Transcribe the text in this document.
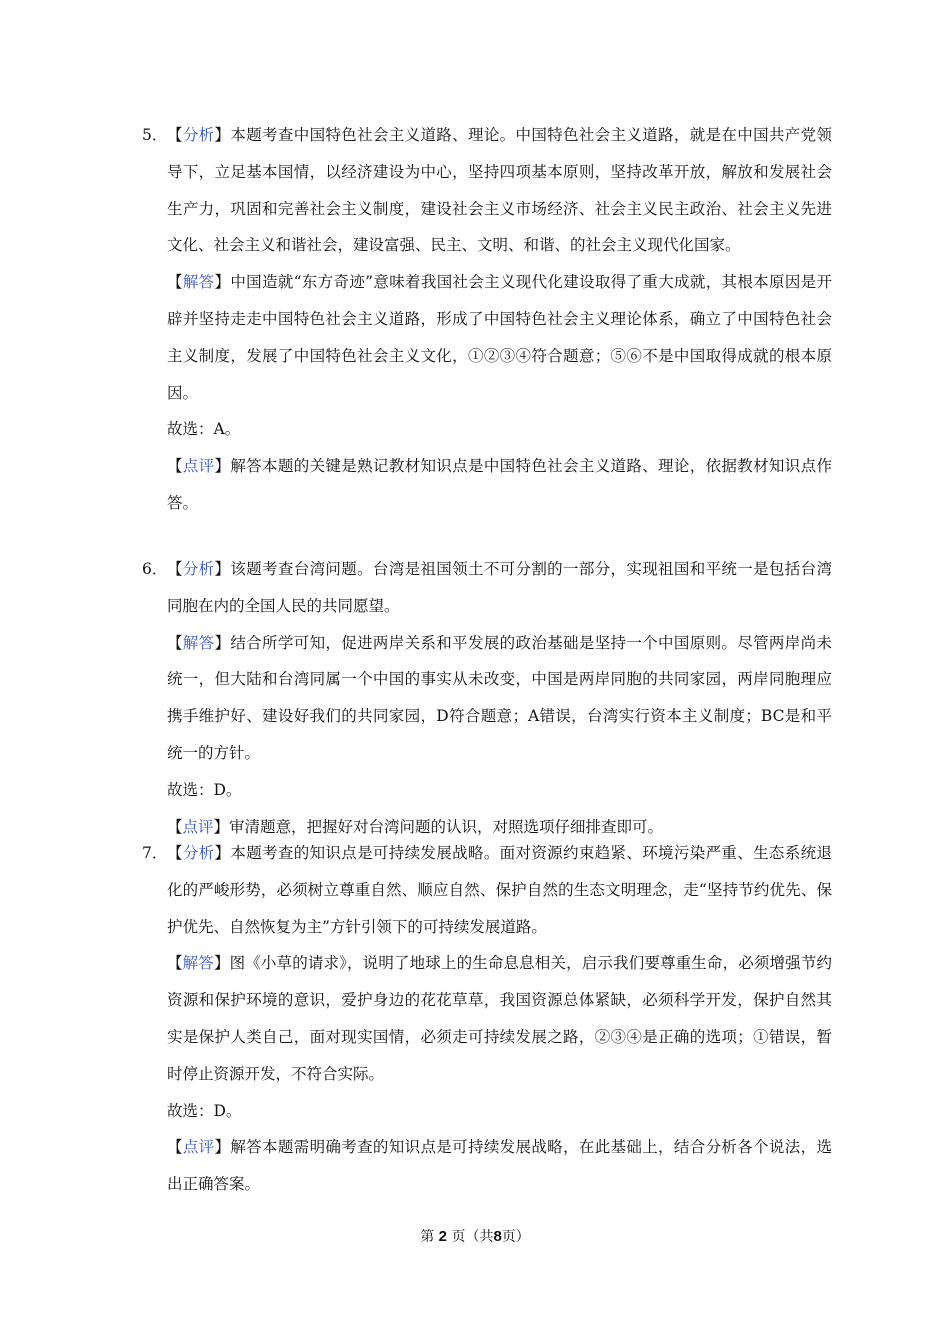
5． 【分析】本题考查中国特色社会主义道路、理论。中国特色社会主义道路，就是在中国共产党领导下，立足基本国情，以经济建设为中心，坚持四项基本原则，坚持改革开放，解放和发展社会生产力，巩固和完善社会主义制度，建设社会主义市场经济、社会主义民主政治、社会主义先进文化、社会主义和谐社会，建设富强、民主、文明、和谐、的社会主义现代化国家。

【解答】中国造就“东方奇迹”意味着我国社会主义现代化建设取得了重大成就，其根本原因是开辟并坚持走走中国特色社会主义道路，形成了中国特色社会主义理论体系，确立了中国特色社会主义制度，发展了中国特色社会主义文化，①②③④符合题意；⑤⑥不是中国取得成就的根本原因。

故选：A。

【点评】解答本题的关键是熟记教材知识点是中国特色社会主义道路、理论，依据教材知识点作答。

6． 【分析】该题考查台湾问题。台湾是祖国领土不可分割的一部分，实现祖国和平统一是包括台湾同胞在内的全国人民的共同愿望。

【解答】结合所学可知，促进两岸关系和平发展的政治基础是坚持一个中国原则。尽管两岸尚未统一，但大陆和台湾同属一个中国的事实从未改变，中国是两岸同胞的共同家园，两岸同胞理应携手维护好、建设好我们的共同家园，D符合题意；A错误，台湾实行资本主义制度；BC是和平统一的方针。

故选：D。

【点评】审清题意，把握好对台湾问题的认识，对照选项仔细排查即可。

7． 【分析】本题考查的知识点是可持续发展战略。面对资源约束趋紧、环境污染严重、生态系统退化的严峻形势，必须树立尊重自然、顺应自然、保护自然的生态文明理念，走“坚持节约优先、保护优先、自然恢复为主”方针引领下的可持续发展道路。

【解答】图《小草的请求》，说明了地球上的生命息息相关，启示我们要尊重生命，必须增强节约资源和保护环境的意识，爱护身边的花花草草，我国资源总体紧缺，必须科学开发，保护自然其实是保护人类自己，面对现实国情，必须走可持续发展之路，②③④是正确的选项；①错误，暂时停止资源开发，不符合实际。

故选：D。

【点评】解答本题需明确考查的知识点是可持续发展战略，在此基础上，结合分析各个说法，选出正确答案。

第 2 页（共8页）
